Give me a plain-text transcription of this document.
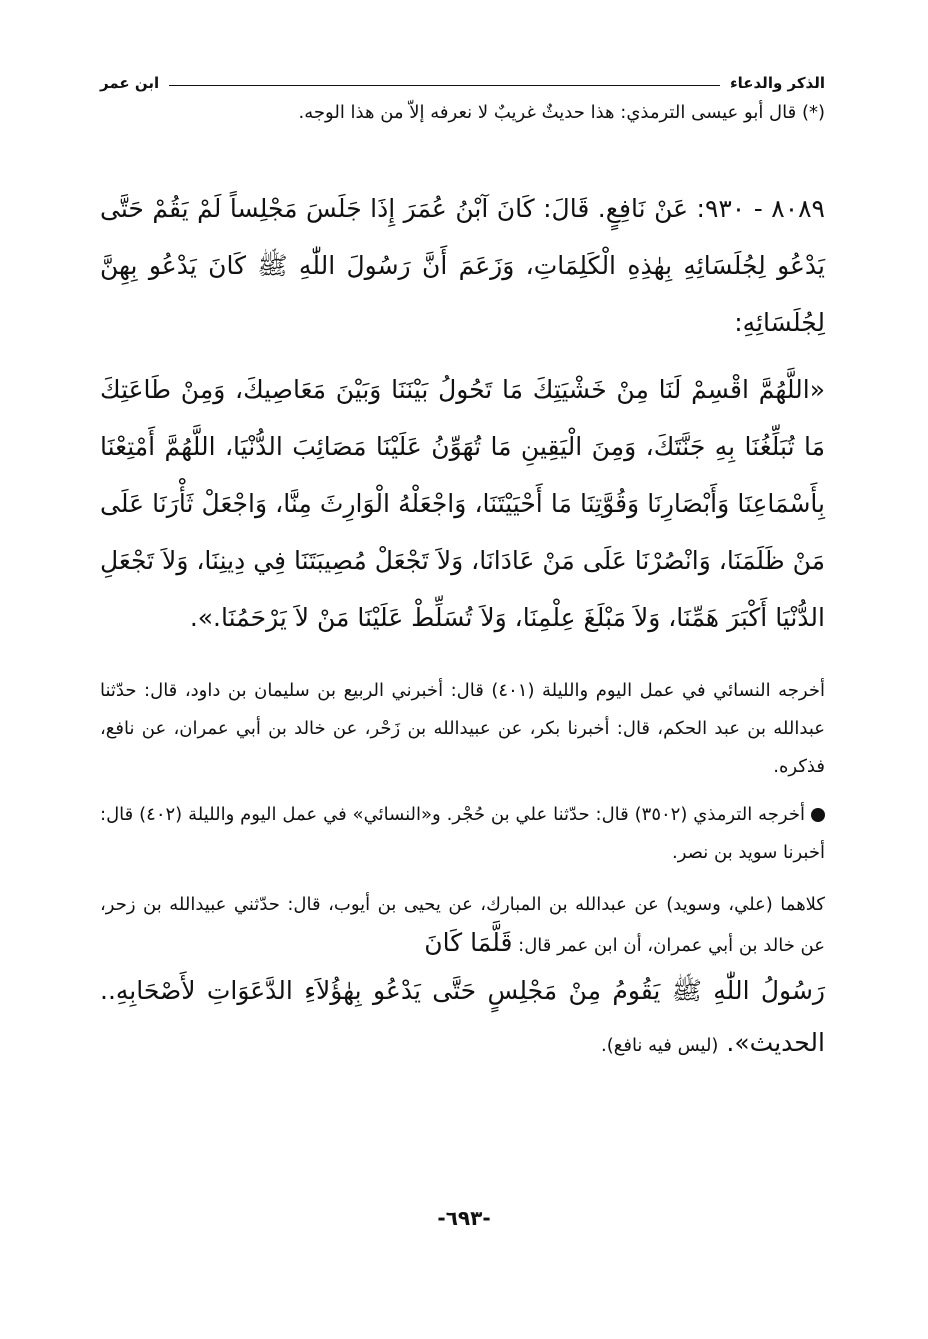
الذكر والدعاء
ابن عمر
(*) قال أبو عيسى الترمذي: هذا حديثٌ غريبٌ لا نعرفه إلاّ من هذا الوجه.
٨٠٨٩ - ٩٣٠: عَنْ نَافِعٍ. قَالَ: كَانَ آبْنُ عُمَرَ إِذَا جَلَسَ مَجْلِساً لَمْ يَقُمْ حَتَّى يَدْعُو لِجُلَسَائِهِ بِهٰذِهِ الْكَلِمَاتِ، وَزَعَمَ أَنَّ رَسُولَ اللّٰهِ ﷺ كَانَ يَدْعُو بِهِنَّ لِجُلَسَائِهِ:
«اللَّهُمَّ اقْسِمْ لَنَا مِنْ خَشْيَتِكَ مَا تَحُولُ بَيْنَنَا وَبَيْنَ مَعَاصِيكَ، وَمِنْ طَاعَتِكَ مَا تُبَلِّغُنَا بِهِ جَنَّتَكَ، وَمِنَ الْيَقِينِ مَا تُهَوِّنُ عَلَيْنَا مَصَائِبَ الدُّنْيَا، اللَّهُمَّ أَمْتِعْنَا بِأَسْمَاعِنَا وَأَبْصَارِنَا وَقُوَّتِنَا مَا أَحْيَيْتَنَا، وَاجْعَلْهُ الْوَارِثَ مِنَّا، وَاجْعَلْ ثَأْرَنَا عَلَى مَنْ ظَلَمَنَا، وَانْصُرْنَا عَلَى مَنْ عَادَانَا، وَلاَ تَجْعَلْ مُصِيبَتَنَا فِي دِينِنَا، وَلاَ تَجْعَلِ الدُّنْيَا أَكْبَرَ هَمِّنَا، وَلاَ مَبْلَغَ عِلْمِنَا، وَلاَ تُسَلِّطْ عَلَيْنَا مَنْ لاَ يَرْحَمُنَا.».
أخرجه النسائي في عمل اليوم والليلة (٤٠١) قال: أخبرني الربيع بن سليمان بن داود، قال: حدّثنا عبدالله بن عبد الحكم، قال: أخبرنا بكر، عن عبيدالله بن زَحْر، عن خالد بن أبي عمران، عن نافع، فذكره.
أخرجه الترمذي (٣٥٠٢) قال: حدّثنا علي بن حُجْر. و«النسائي» في عمل اليوم والليلة (٤٠٢) قال: أخبرنا سويد بن نصر.
كلاهما (علي، وسويد) عن عبدالله بن المبارك، عن يحيى بن أيوب، قال: حدّثني عبيدالله بن زحر، عن خالد بن أبي عمران، أن ابن عمر قال: قَلَّمَا كَانَ
رَسُولُ اللّٰهِ ﷺ يَقُومُ مِنْ مَجْلِسٍ حَتَّى يَدْعُو بِهٰؤُلاَءِ الدَّعَوَاتِ لأَصْحَابِهِ.. الحديث». (ليس فيه نافع).
-٦٩٣-
